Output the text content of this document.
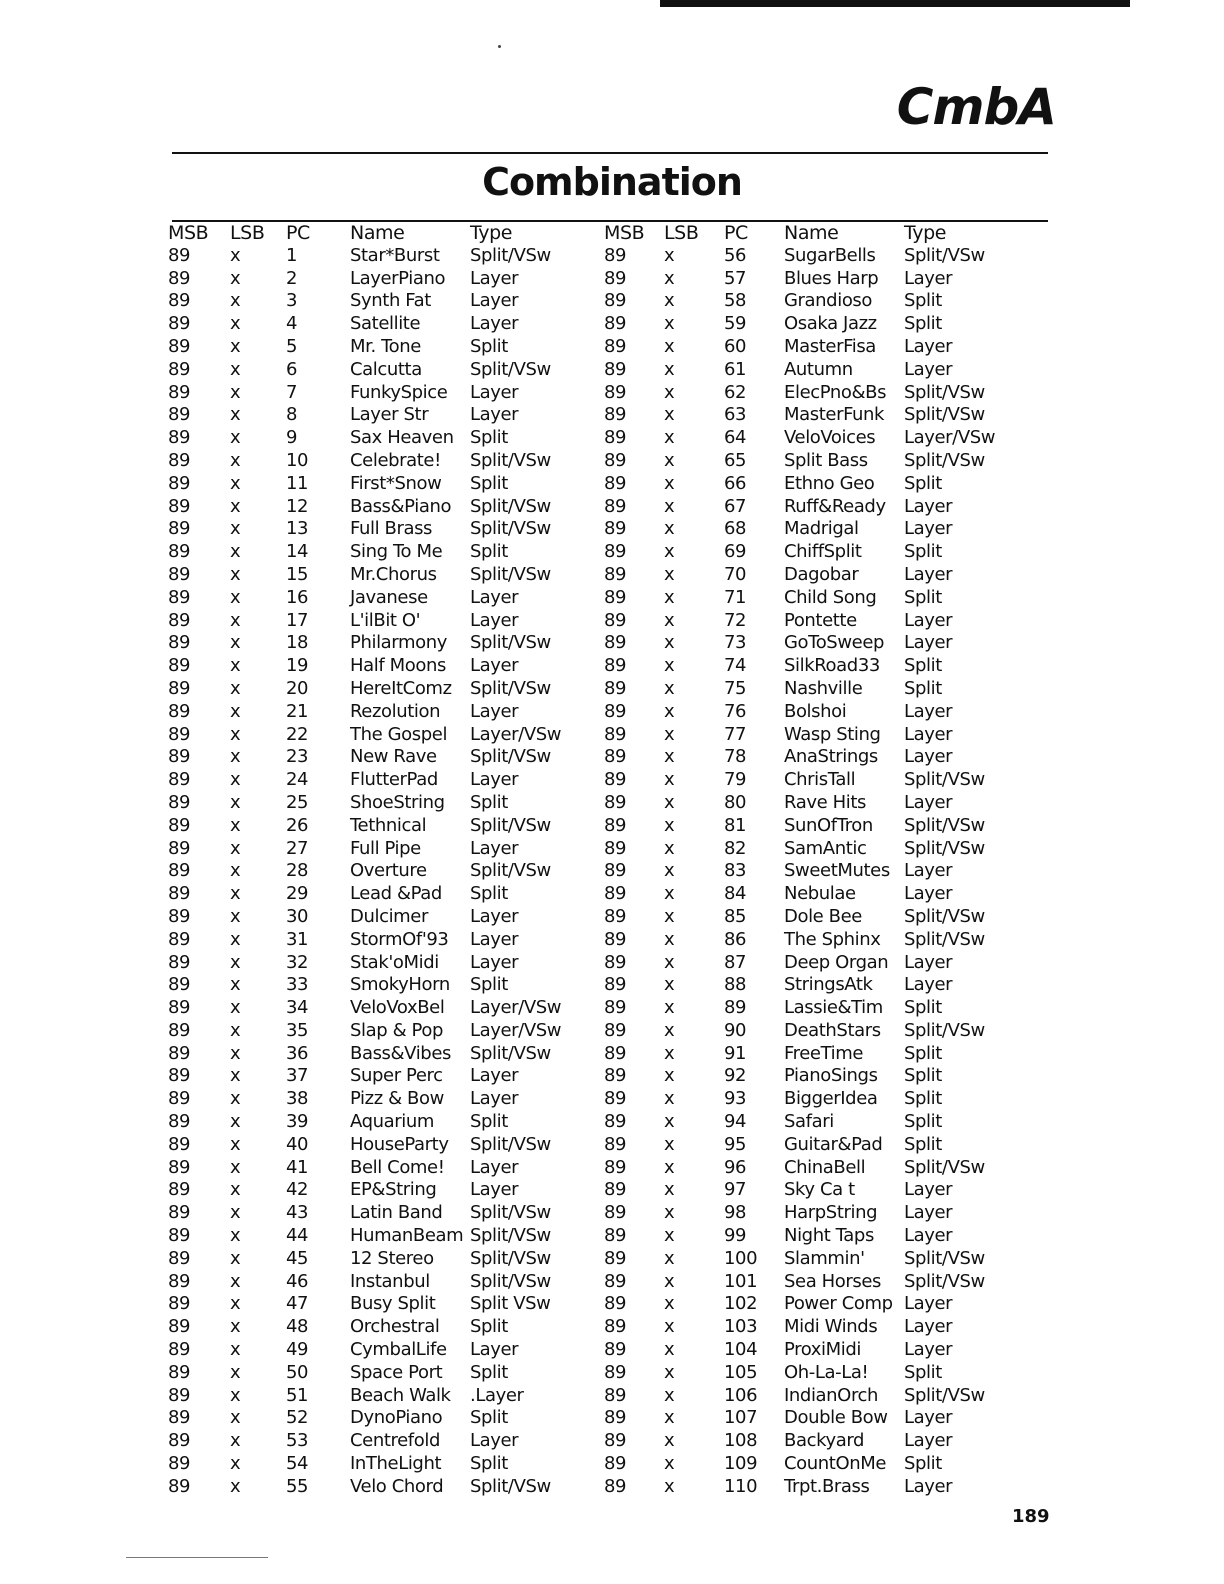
CmbA
Combination
MSB LSB PC Name	Type
89 x	1	Star*Burst Split/VSw
89 x	2	LayerPiano Layer
89 x	3	Synth Fat Layer
89 x	4	Satellite	Layer
89 x	5	Mr. Tone	Split
89 x	6	Calcutta	Split/VSw
89 x	7	FunkySpice Layer
89 x	8	Layer Str Layer
89 x	9	Sax Heaven Split
89 x	10 Celebrate! Split/VSw
89 x	11 First*Snow Split
89 x	12 Bass&Piano Split/VSw
89 x	13 Full Brass Split/VSw
89 x	14 Sing To Me Split
89 x	15 Mr.Chorus Split/VSw
89 x	16 Javanese Layer
89 x	17 L'ilBit O'	Layer
89 x	18 Philarmony Split/VSw
89 x	19 Half Moons Layer
89 x	20 HereItComz Split/VSw
89 x	21 Rezolution Layer
89 x	22 The Gospel Layer/VSw
89 x	23 New Rave Split/VSw
89 x	24 FlutterPad Layer
89 x	25 ShoeString Split
89 x	26 Tethnical Split/VSw
89 x	27 Full Pipe	Layer
89 x	28 Overture Split/VSw
89 x	29 Lead &Pad Split
89 x	30 Dulcimer Layer
89 x	31 StormOf'93 Layer
89 x	32 Stak'oMidi Layer
89 x	33 SmokyHorn Split
89 x	34 VeloVoxBel Layer/VSw
89 x	35 Slap & Pop Layer/VSw
89 x	36 Bass&Vibes Split/VSw
89 x	37 Super Perc Layer
89 x	38 Pizz & Bow Layer
89 x	39 Aquarium Split
89 x	40 HouseParty Split/VSw
89 x	41 Bell Come! Layer
89 x	42 EP&String Layer
89 x	43 Latin Band Split/VSw
89 x	44 HumanBeam Split/VSw
89 x	45 12 Stereo Split/VSw
89 x	46 Instanbul Split/VSw
89 x	47 Busy Split Split VSw
89 x	48 Orchestral Split
89 x	49 CymbalLife Layer
89 x	50 Space Port Split
89 x	51 Beach Walk .Layer
89 x	52 DynoPiano Split
89 x	53 Centrefold Layer
89 x	54 InTheLight Split
89 x	55 Velo Chord Split/VSw
MSB LSB PC Name	Type
89 x	56 SugarBells Split/VSw
89 x	57 Blues Harp Layer
89 x	58 Grandioso Split
89 x	59 Osaka Jazz Split
89 x	60 MasterFisa Layer
89 x	61 Autumn	Layer
89 x	62 ElecPno&Bs Split/VSw
89 x	63 MasterFunk Split/VSw
89 x	64 VeloVoices Layer/VSw
89 x	65 Split Bass Split/VSw
89 x	66 Ethno Geo Split
89 x	67 Ruff&Ready Layer
89 x	68 Madrigal	Layer
89 x	69 ChiffSplit Split
89 x	70 Dagobar	Layer
89 x	71 Child Song Split
89 x	72 Pontette	Layer
89 x	73 GoToSweep Layer
89 x	74 SilkRoad33 Split
89 x	75 Nashville Split
89 x	76 Bolshoi	Layer
89 x	77 Wasp Sting Layer
89 x	78 AnaStrings Layer
89 x	79 ChrisTall	Split/VSw
89 x	80 Rave Hits Layer
89 x	81 SunOfTron Split/VSw
89 x	82 SamAntic Split/VSw
89 x	83 SweetMutes Layer
89 x	84 Nebulae	Layer
89 x	85 Dole Bee Split/VSw
89 x	86 The Sphinx Split/VSw
89 x	87 Deep Organ Layer
89 x	88 StringsAtk Layer
89 x	89 Lassie&Tim Split
89 x	90 DeathStars Split/VSw
89 x	91 FreeTime Split
89 x	92 PianoSings Split
89 x	93 BiggerIdea Split
89 x	94 Safari	Split
89 x	95 Guitar&Pad Split
89 x	96 ChinaBell Split/VSw
89 x	97 Sky Ca t	Layer
89 x	98 HarpString Layer
89 x	99 Night Taps Layer
89 x	100 Slammin' Split/VSw
89 x	101 Sea Horses Split/VSw
89 x	102 Power Comp Layer
89 x	103 Midi Winds Layer
89 x	104 ProxiMidi Layer
89 x	105 Oh-La-La! Split
89 x	106 IndianOrch Split/VSw
89 x	107 Double Bow Layer
89 x	108 Backyard Layer
89 x	109 CountOnMe Split
89 x	110 Trpt.Brass Layer

189
